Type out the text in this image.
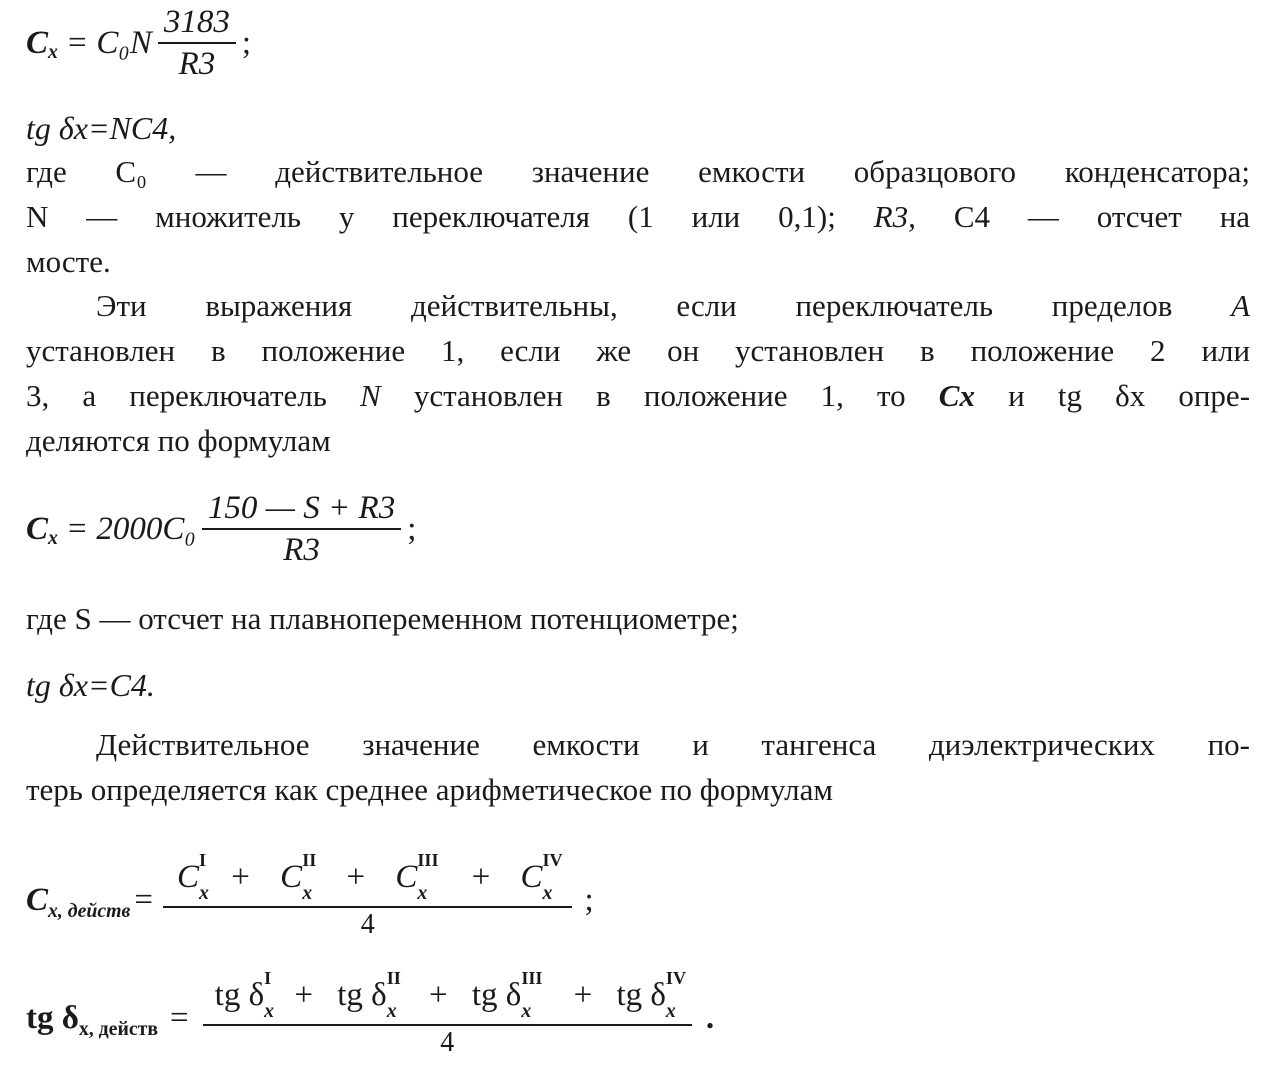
$C_x = C_0N \frac{3183}{R3}$ ;
tg δx=NC4,
где C₀ — действительное значение емкости образцового конденсатора;
N — множитель у переключателя (1 или 0,1); R3, C4 — отсчет на
мосте.
Эти выражения действительны, если переключатель пределов A
установлен в положение 1, если же он установлен в положение 2 или
3, а переключатель N установлен в положение 1, то Cx и tg δx опре-
деляются по формулам
$C_x = 2000C_0 \frac{150 — S + R3}{R3}$ ;
где S — отсчет на плавнопеременном потенциометре;
tg δx=C4.
Действительное значение емкости и тангенса диэлектрических по-
терь определяется как среднее арифметическое по формулам
$C_{x, действ}$ =
C I
x + C II
x + C III
x + C IV
x
4
;
tg $\delta_{x, действ}$ =
tg δ I
x + tg δ II
x + tg δ III
x + tg δ IV
x
4
.
